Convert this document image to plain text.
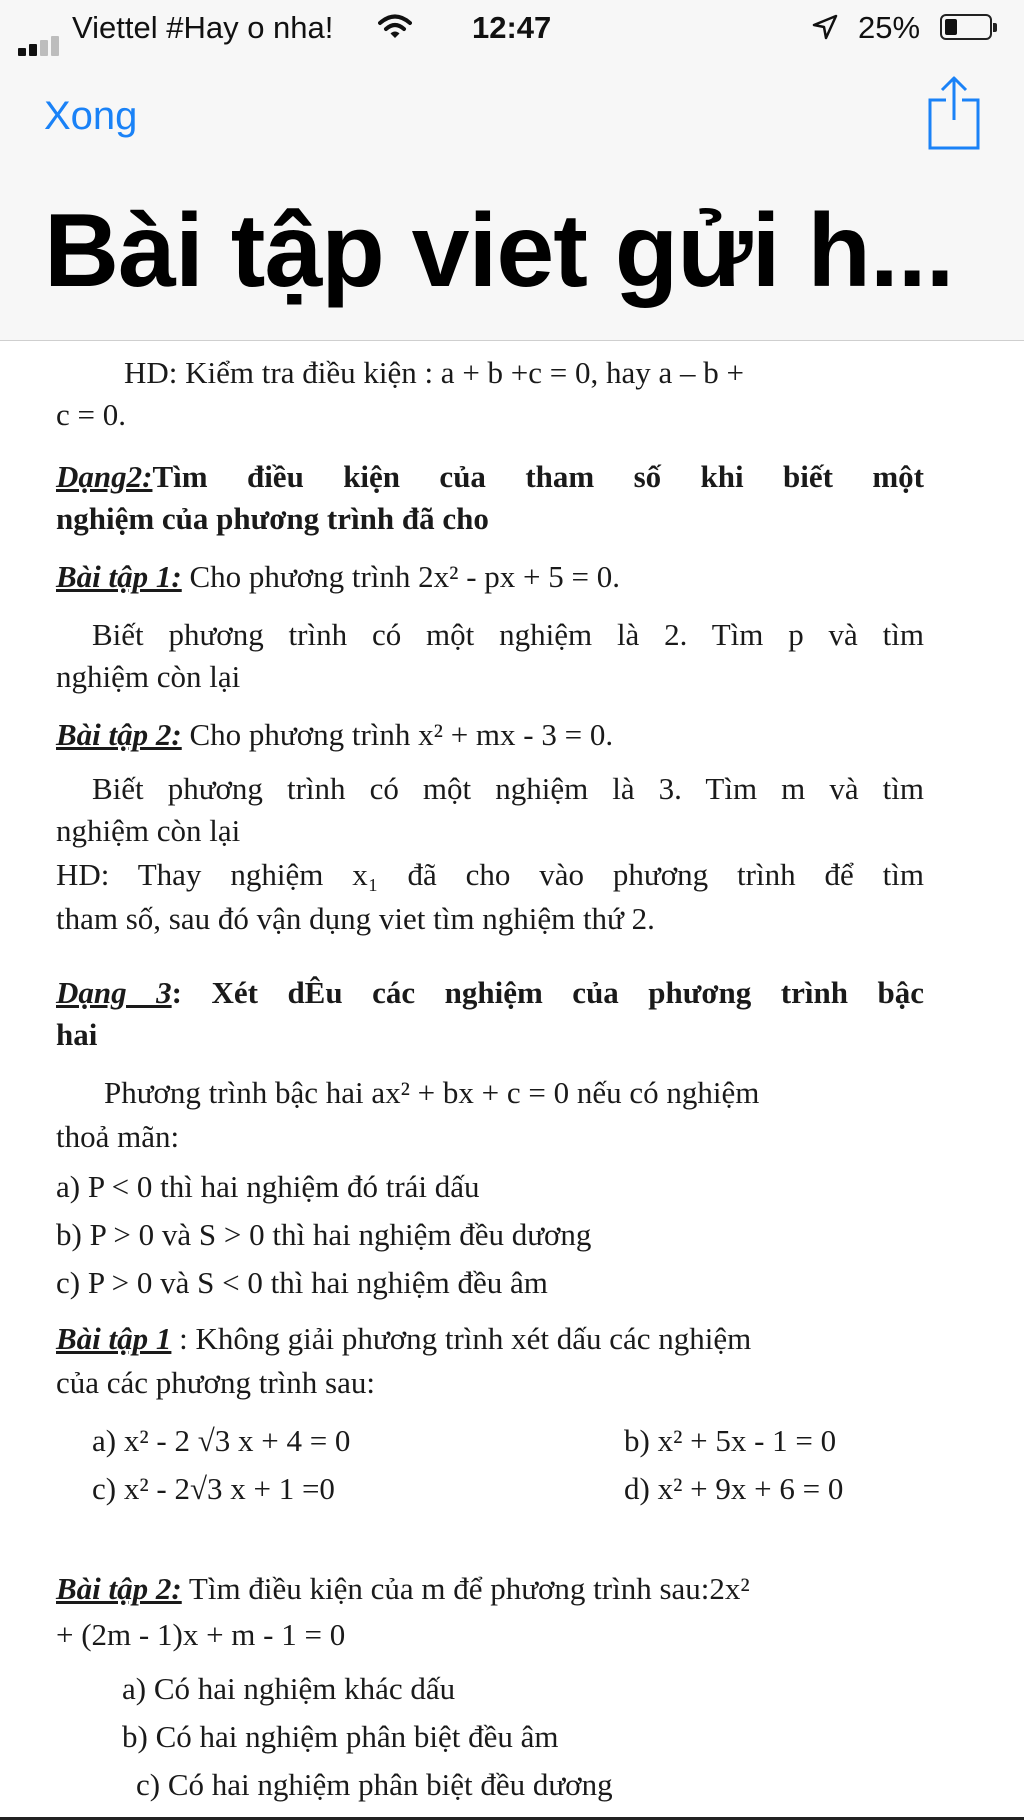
Viettel #Hay o nha!	12:47	25%
Xong
Bài tập viet gửi h...
HD: Kiểm tra điều kiện : a + b +c = 0, hay a – b +
c = 0.
Dạng2:Tìm điều kiện của tham số khi biết một
nghiệm của phương trình đã cho
Bài tập 1: Cho phương trình 2x² - px + 5 = 0.
Biết phương trình có một nghiệm là 2. Tìm p và tìm
nghiệm còn lại
Bài tập 2: Cho phương trình x² + mx - 3 = 0.
Biết phương trình có một nghiệm là 3. Tìm m và tìm
nghiệm còn lại
HD: Thay nghiệm x₁ đã cho vào phương trình để tìm
tham số, sau đó vận dụng viet tìm nghiệm thứ 2.
Dạng 3: Xét dÊu các nghiệm của phương trình bậc
hai
Phương trình bậc hai ax² + bx + c = 0 nếu có nghiệm
thoả mãn:
a) P < 0 thì hai nghiệm đó trái dấu
b) P > 0 và S > 0 thì hai nghiệm đều dương
c) P > 0 và S < 0 thì hai nghiệm đều âm
Bài tập 1 : Không giải phương trình xét dấu các nghiệm
của các phương trình sau:
a) x² - 2 √3 x + 4 = 0	b) x² + 5x - 1 = 0
c) x² - 2√3 x + 1 =0	d) x² + 9x + 6 = 0
Bài tập 2: Tìm điều kiện của m để phương trình sau:2x²
+ (2m - 1)x + m - 1 = 0
a) Có hai nghiệm khác dấu
b) Có hai nghiệm phân biệt đều âm
c) Có hai nghiệm phân biệt đều dương
